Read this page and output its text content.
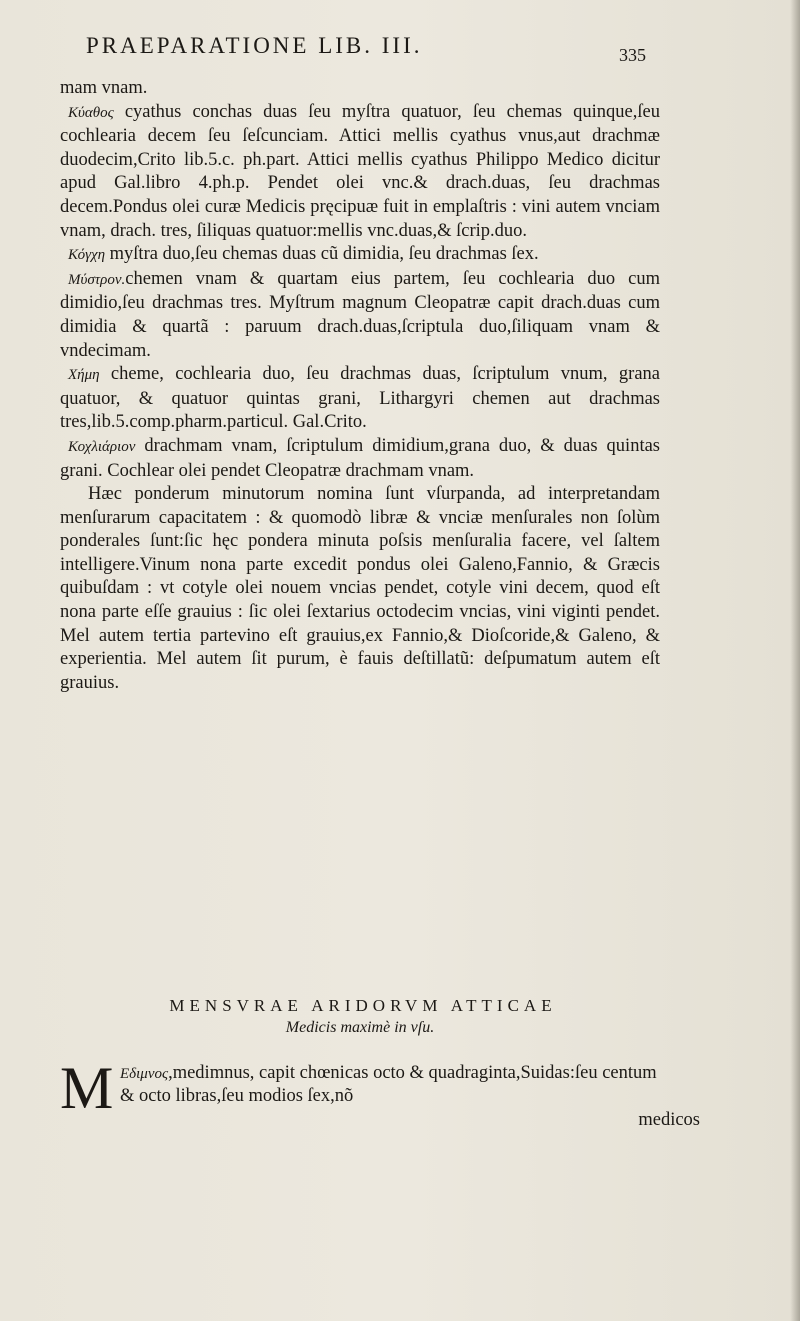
PRAEPARATIONE LIB. III.	335

mam vnam.

Κύαθος cyathus conchas duas ſeu myſtra quatuor, ſeu chemas quinque,ſeu cochlearia decem ſeu ſeſcunciam. Attici mellis cyathus vnus,aut drachmæ duodecim,Crito lib.5.c. ph.part. Attici mellis cyathus Philippo Medico dicitur apud Gal.libro 4.ph.p. Pendet olei vnc.& drach.duas, ſeu drachmas decem.Pondus olei curæ Medicis pręcipuæ fuit in emplaſtris : vini autem vnciam vnam, drach. tres, ſiliquas quatuor:mellis vnc.duas,& ſcrip.duo.

Κόγχη myſtra duo,ſeu chemas duas cũ dimidia, ſeu drachmas ſex.

Μύστρον.chemen vnam & quartam eius partem, ſeu cochlearia duo cum dimidio,ſeu drachmas tres. Myſtrum magnum Cleopatræ capit drach.duas cum dimidia & quartã : paruum drach.duas,ſcriptula duo,ſiliquam vnam & vndecimam.

Χήμη cheme, cochlearia duo, ſeu drachmas duas, ſcriptulum vnum, grana quatuor, & quatuor quintas grani, Lithargyri chemen aut drachmas tres,lib.5.comp.pharm.particul. Gal.Crito.

Κοχλιάριον drachmam vnam, ſcriptulum dimidium,grana duo, & duas quintas grani. Cochlear olei pendet Cleopatræ drachmam vnam.

Hæc ponderum minutorum nomina ſunt vſurpanda, ad interpretandam menſurarum capacitatem : & quomodò libræ & vnciæ menſurales non ſolùm ponderales ſunt:ſic hęc pondera minuta poſsis menſuralia facere, vel ſaltem intelligere.Vinum nona parte excedit pondus olei Galeno,Fannio, & Græcis quibuſdam : vt cotyle olei nouem vncias pendet, cotyle vini decem, quod eſt nona parte eſſe grauius : ſic olei ſextarius octodecim vncias, vini viginti pendet. Mel autem tertia partevino eſt grauius,ex Fannio,& Dioſcoride,& Galeno, & experientia. Mel autem ſit purum, è fauis deſtillatũ: deſpumatum autem eſt grauius.

MENSVRAE ARIDORVM ATTICAE
Medicis maximè in vſu.
M Εδιμνος,medimnus, capit chœnicas octo & quadraginta,Suidas:ſeu centum & octo libras,ſeu modios ſex,nõ
medicos
